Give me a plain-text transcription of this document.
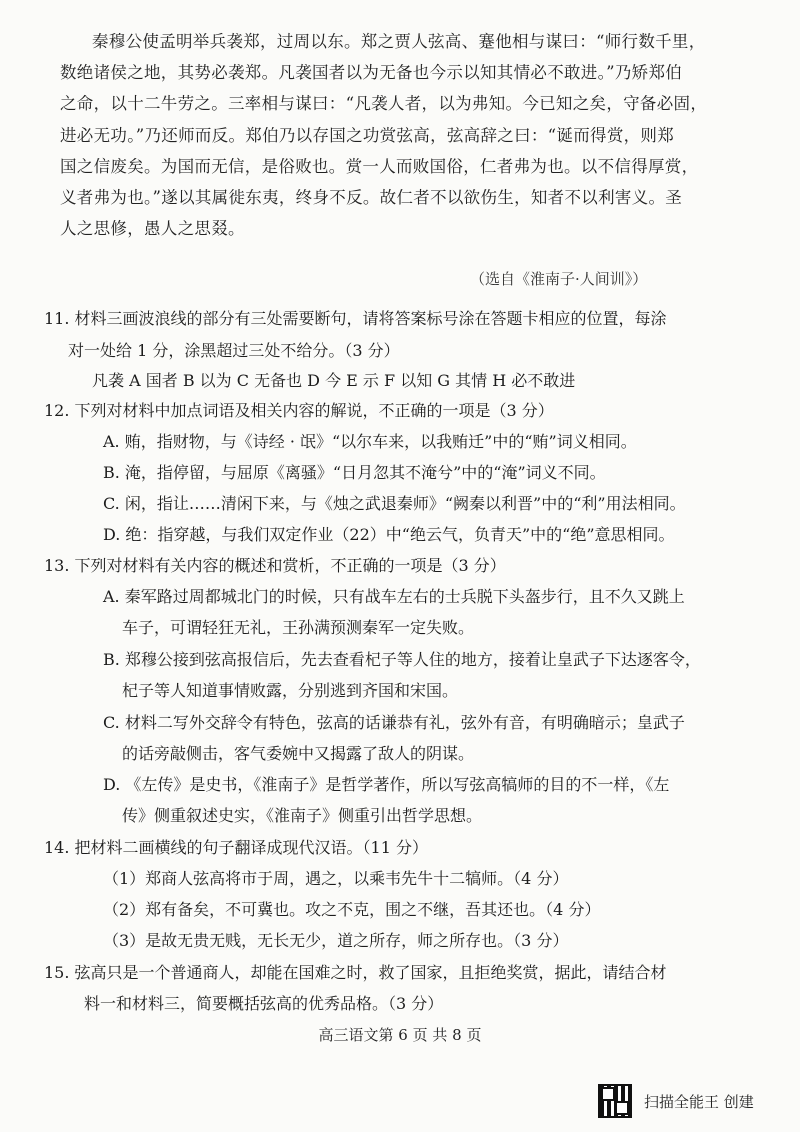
秦穆公使孟明举兵袭郑，过周以东。郑之贾人弦高、蹇他相与谋曰：“师行数千里，
数绝诸侯之地，其势必袭郑。凡袭国者以为无备也今示以知其情必不敢进。”乃矫郑伯
之命，以十二牛劳之。三率相与谋曰：“凡袭人者，以为弗知。今已知之矣，守备必固，
进必无功。”乃还师而反。郑伯乃以存国之功赏弦高，弦高辞之曰：“诞而得赏，则郑
国之信废矣。为国而无信，是俗败也。赏一人而败国俗，仁者弗为也。以不信得厚赏，
义者弗为也。”遂以其属徙东夷，终身不反。故仁者不以欲伤生，知者不以利害义。圣
人之思修，愚人之思叕。
（选自《淮南子·人间训》）
11. 材料三画波浪线的部分有三处需要断句，请将答案标号涂在答题卡相应的位置，每涂
对一处给 1 分，涂黑超过三处不给分。（3 分）
凡袭 A 国者 B 以为 C 无备也 D 今 E 示 F 以知 G 其情 H 必不敢进
12. 下列对材料中加点词语及相关内容的解说，不正确的一项是（3 分）
A. 贿，指财物，与《诗经 · 氓》“以尔车来，以我贿迁”中的“贿”词义相同。
B. 淹，指停留，与屈原《离骚》“日月忽其不淹兮”中的“淹”词义不同。
C. 闲，指让……清闲下来，与《烛之武退秦师》“阙秦以利晋”中的“利”用法相同。
D. 绝：指穿越，与我们双定作业（22）中“绝云气，负青天”中的“绝”意思相同。
13. 下列对材料有关内容的概述和赏析，不正确的一项是（3 分）
A. 秦军路过周都城北门的时候，只有战车左右的士兵脱下头盔步行，且不久又跳上
车子，可谓轻狂无礼，王孙满预测秦军一定失败。
B. 郑穆公接到弦高报信后，先去查看杞子等人住的地方，接着让皇武子下达逐客令，
杞子等人知道事情败露，分别逃到齐国和宋国。
C. 材料二写外交辞令有特色，弦高的话谦恭有礼，弦外有音，有明确暗示；皇武子
的话旁敲侧击，客气委婉中又揭露了敌人的阴谋。
D. 《左传》是史书，《淮南子》是哲学著作，所以写弦高犒师的目的不一样，《左
传》侧重叙述史实，《淮南子》侧重引出哲学思想。
14. 把材料二画横线的句子翻译成现代汉语。（11 分）
（1）郑商人弦高将市于周，遇之，以乘韦先牛十二犒师。（4 分）
（2）郑有备矣，不可冀也。攻之不克，围之不继，吾其还也。（4 分）
（3）是故无贵无贱，无长无少，道之所存，师之所存也。（3 分）
15. 弦高只是一个普通商人，却能在国难之时，救了国家，且拒绝奖赏，据此，请结合材
料一和材料三，简要概括弦高的优秀品格。（3 分）
高三语文第 6 页 共 8 页
扫描全能王 创建
